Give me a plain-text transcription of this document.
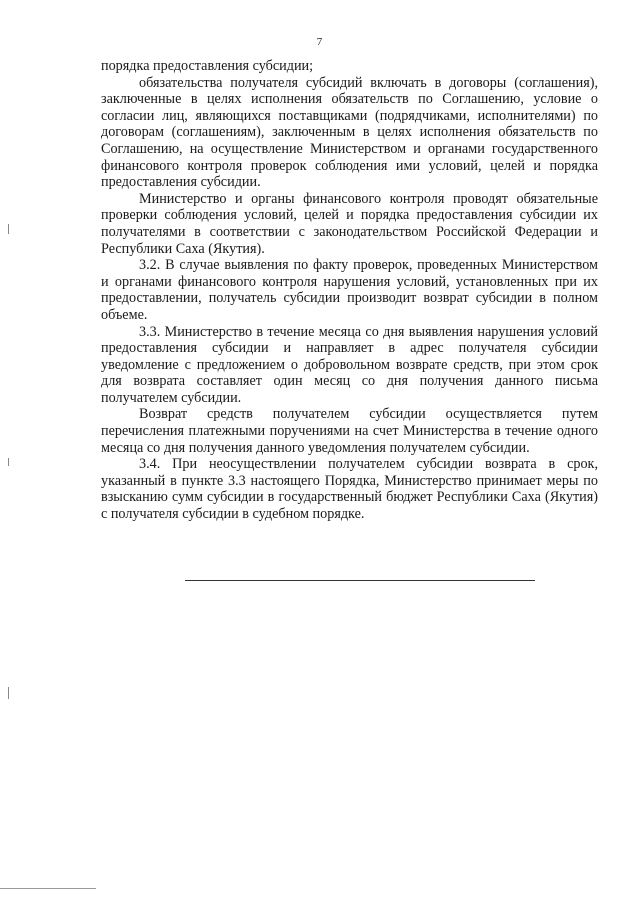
7

порядка предоставления субсидии;

обязательства получателя субсидий включать в договоры (соглашения), заключенные в целях исполнения обязательств по Соглашению, условие о согласии лиц, являющихся поставщиками (подрядчиками, исполнителями) по договорам (соглашениям), заключенным в целях исполнения обязательств по Соглашению, на осуществление Министерством и органами государственного финансового контроля проверок соблюдения ими условий, целей и порядка предоставления субсидии.

Министерство и органы финансового контроля проводят обязательные проверки соблюдения условий, целей и порядка предоставления субсидии их получателями в соответствии с законодательством Российской Федерации и Республики Саха (Якутия).

3.2. В случае выявления по факту проверок, проведенных Министерством и органами финансового контроля нарушения условий, установленных при их предоставлении, получатель субсидии производит возврат субсидии в полном объеме.

3.3. Министерство в течение месяца со дня выявления нарушения условий предоставления субсидии и направляет в адрес получателя субсидии уведомление с предложением о добровольном возврате средств, при этом срок для возврата составляет один месяц со дня получения данного письма получателем субсидии.

Возврат средств получателем субсидии осуществляется путем перечисления платежными поручениями на счет Министерства в течение одного месяца со дня получения данного уведомления получателем субсидии.

3.4. При неосуществлении получателем субсидии возврата в срок, указанный в пункте 3.3 настоящего Порядка, Министерство принимает меры по взысканию сумм субсидии в государственный бюджет Республики Саха (Якутия) с получателя субсидии в судебном порядке.
